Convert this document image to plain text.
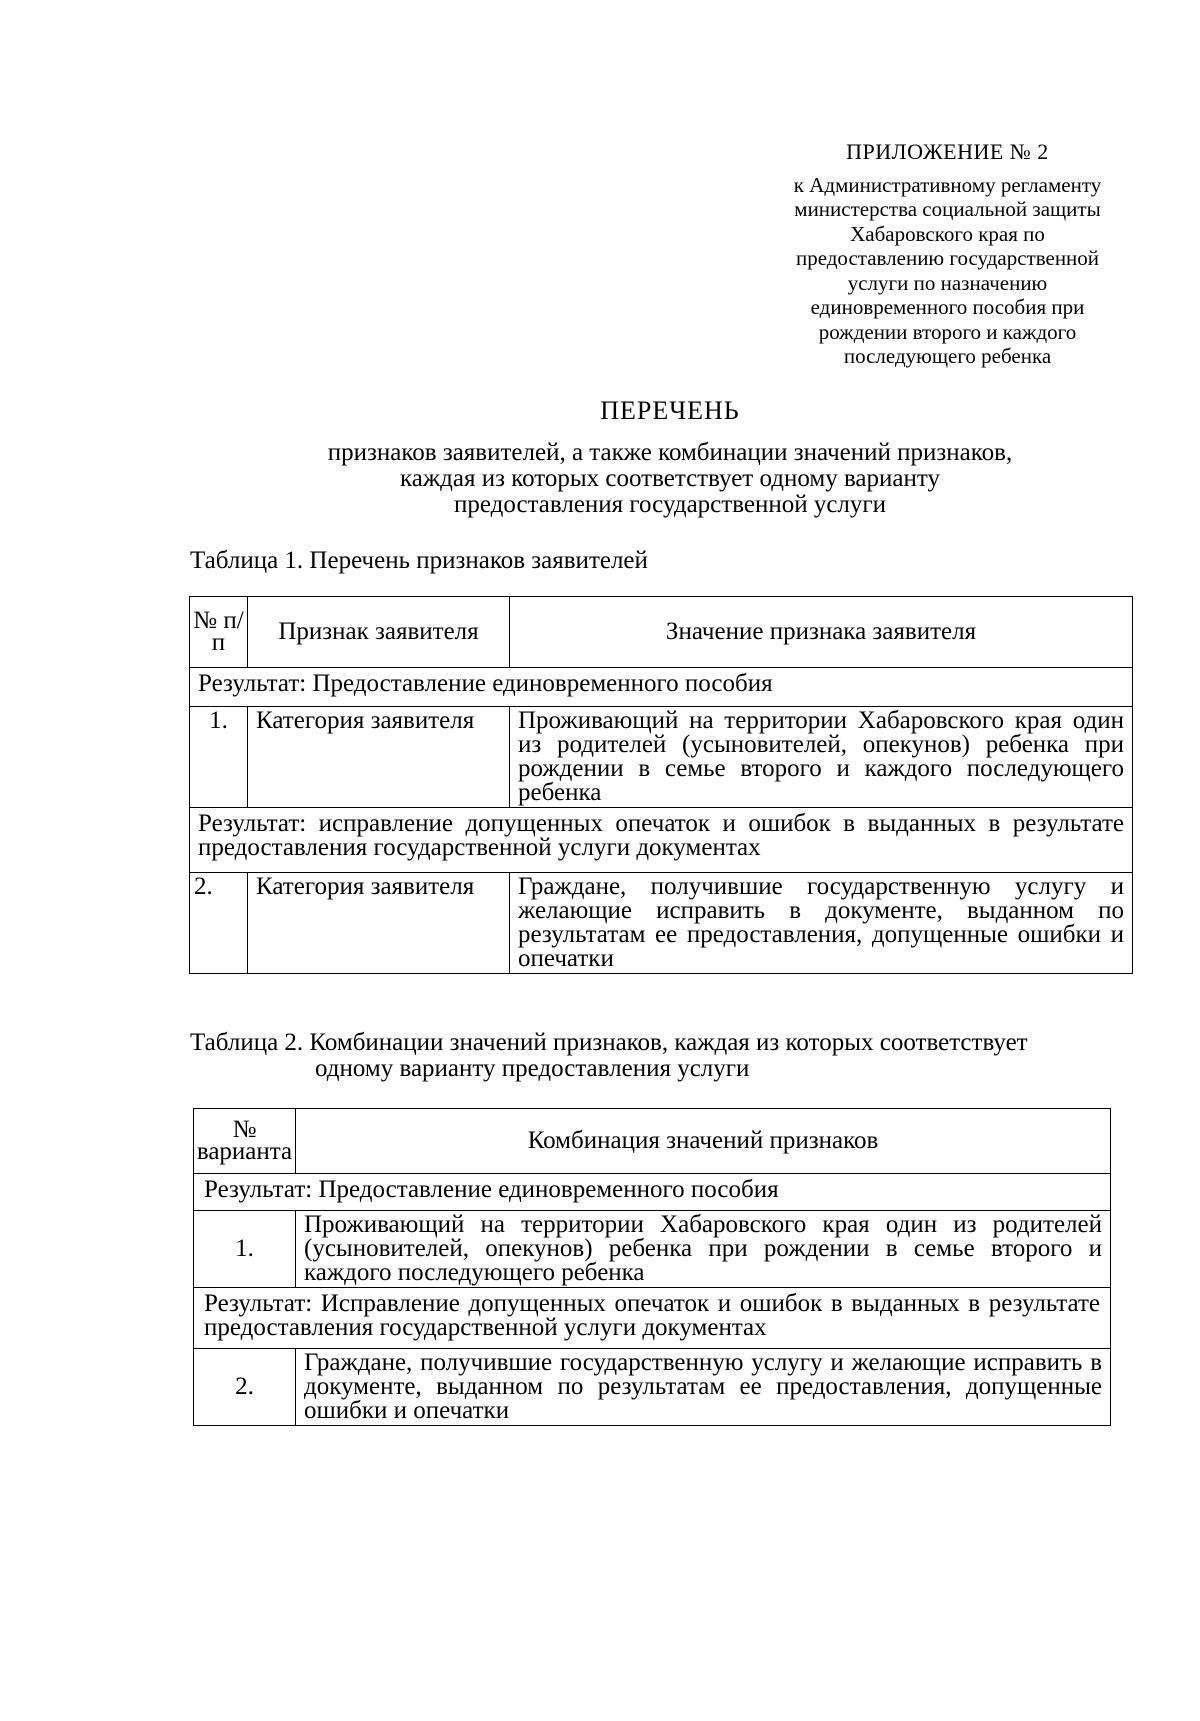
ПРИЛОЖЕНИЕ № 2
к Административному регламенту
министерства социальной защиты
Хабаровского края по
предоставлению государственной
услуги по назначению
единовременного пособия при
рождении второго и каждого
последующего ребенка
ПЕРЕЧЕНЬ
признаков заявителей, а также комбинации значений признаков,
каждая из которых соответствует одному варианту
предоставления государственной услуги
Таблица 1. Перечень признаков заявителей
№ п/п	Признак заявителя	Значение признака заявителя
Результат: Предоставление единовременного пособия		
1.	Категория заявителя	Проживающий на территории Хабаровского края один из родителей (усыновителей, опекунов) ребенка при рождении в семье второго и каждого последующего ребенка
Результат: исправление допущенных опечаток и ошибок в выданных в результате предоставления государственной услуги документах		
2.	Категория заявителя	Граждане, получившие государственную услугу и желающие исправить в документе, выданном по результатам ее предоставления, допущенные ошибки и опечатки
Таблица 2. Комбинации значений признаков, каждая из которых соответствует
одному варианту предоставления услуги
№ варианта	Комбинация значений признаков
Результат: Предоставление единовременного пособия	
1.	Проживающий на территории Хабаровского края один из родителей (усыновителей, опекунов) ребенка при рождении в семье второго и каждого последующего ребенка
Результат: Исправление допущенных опечаток и ошибок в выданных в результате предоставления государственной услуги документах	
2.	Граждане, получившие государственную услугу и желающие исправить в документе, выданном по результатам ее предоставления, допущенные ошибки и опечатки
